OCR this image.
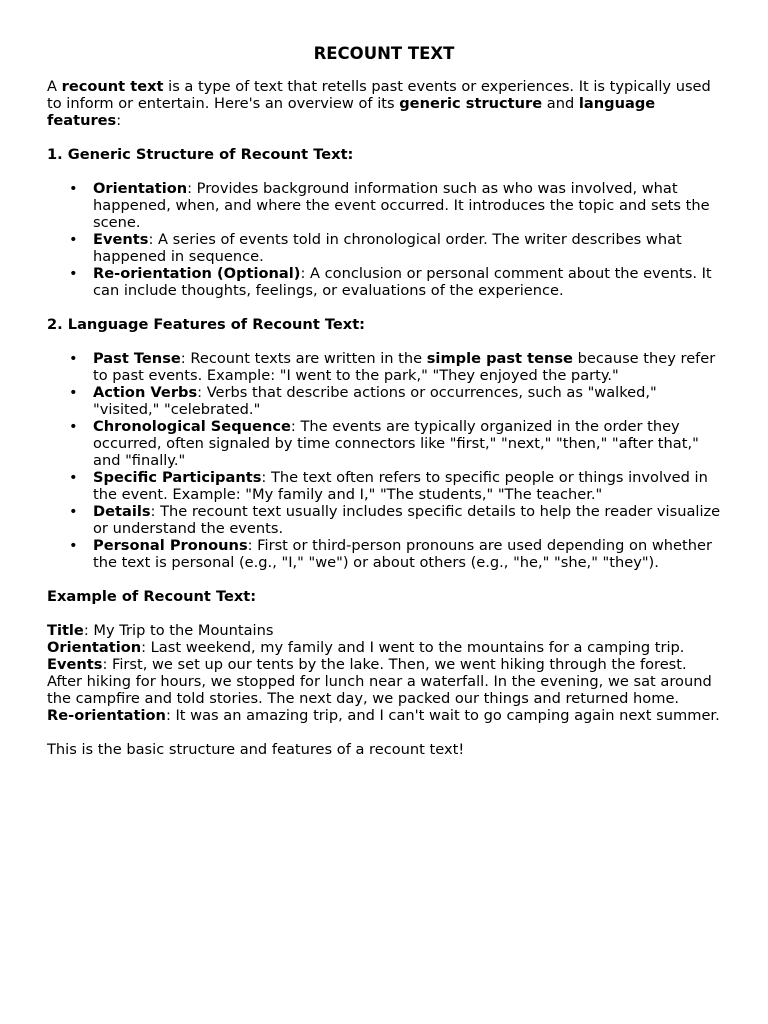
RECOUNT TEXT

A recount text is a type of text that retells past events or experiences. It is typically used to inform or entertain. Here's an overview of its generic structure and language features:

1. Generic Structure of Recount Text:
• Orientation: Provides background information such as who was involved, what happened, when, and where the event occurred. It introduces the topic and sets the scene.
• Events: A series of events told in chronological order. The writer describes what happened in sequence.
• Re-orientation (Optional): A conclusion or personal comment about the events. It can include thoughts, feelings, or evaluations of the experience.
2. Language Features of Recount Text:
• Past Tense: Recount texts are written in the simple past tense because they refer to past events. Example: "I went to the park," "They enjoyed the party."
• Action Verbs: Verbs that describe actions or occurrences, such as "walked," "visited," "celebrated."
• Chronological Sequence: The events are typically organized in the order they occurred, often signaled by time connectors like "first," "next," "then," "after that," and "finally."
• Specific Participants: The text often refers to specific people or things involved in the event. Example: "My family and I," "The students," "The teacher."
• Details: The recount text usually includes specific details to help the reader visualize or understand the events.
• Personal Pronouns: First or third-person pronouns are used depending on whether the text is personal (e.g., "I," "we") or about others (e.g., "he," "she," "they").
Example of Recount Text:

Title: My Trip to the Mountains

Orientation: Last weekend, my family and I went to the mountains for a camping trip.

Events: First, we set up our tents by the lake. Then, we went hiking through the forest. After hiking for hours, we stopped for lunch near a waterfall. In the evening, we sat around the campfire and told stories. The next day, we packed our things and returned home.

Re-orientation: It was an amazing trip, and I can't wait to go camping again next summer.

This is the basic structure and features of a recount text!
